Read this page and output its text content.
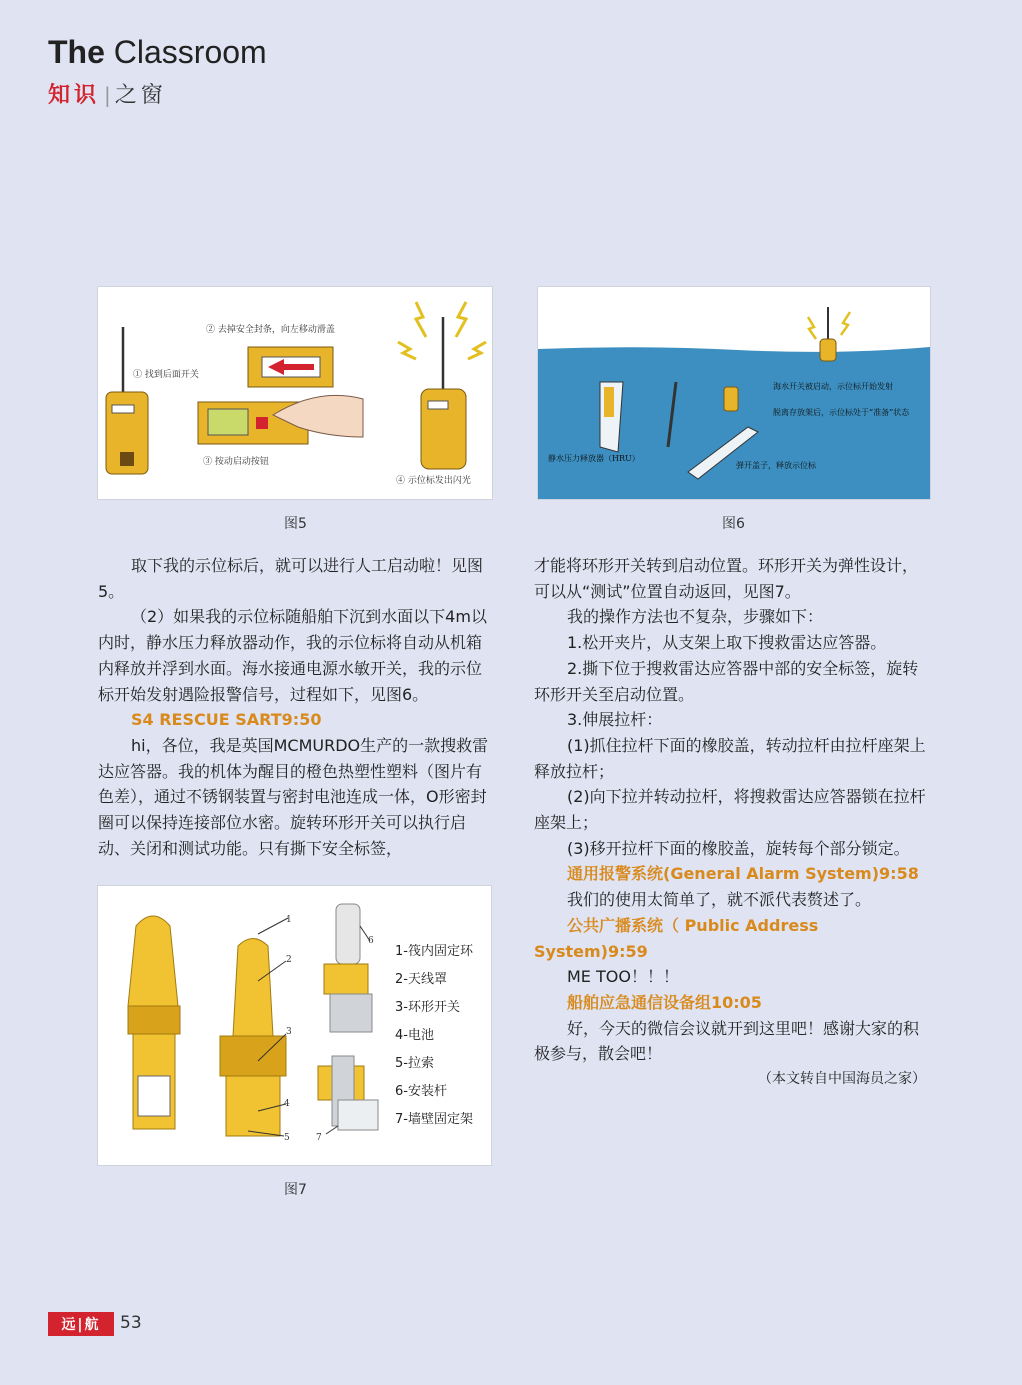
The Classroom
知识 | 之窗
① 找到后面开关
② 去掉安全封条，向左移动滑盖
③ 按动启动按钮
④ 示位标发出闪光
图5
海水开关被启动，示位标开始发射
脱离存放架后，示位标处于“准备”状态
静水压力释放器（HRU）
弹开盖子，释放示位标
图6

取下我的示位标后，就可以进行人工启动啦！见图5。

（2）如果我的示位标随船舶下沉到水面以下4m以内时，静水压力释放器动作，我的示位标将自动从机箱内释放并浮到水面。海水接通电源水敏开关，我的示位标开始发射遇险报警信号，过程如下，见图6。

S4 RESCUE SART9:50

hi，各位，我是英国MCMURDO生产的一款搜救雷达应答器。我的机体为醒目的橙色热塑性塑料（图片有色差），通过不锈钢装置与密封电池连成一体，O形密封圈可以保持连接部位水密。旋转环形开关可以执行启动、关闭和测试功能。只有撕下安全标签，

1
2
3
4
5
6
7
1-筏内固定环
2-天线罩
3-环形开关
4-电池
5-拉索
6-安装杆
7-墙壁固定架
图7

才能将环形开关转到启动位置。环形开关为弹性设计，可以从“测试”位置自动返回，见图7。

我的操作方法也不复杂，步骤如下：

1.松开夹片，从支架上取下搜救雷达应答器。

2.撕下位于搜救雷达应答器中部的安全标签，旋转环形开关至启动位置。

3.伸展拉杆：

(1)抓住拉杆下面的橡胶盖，转动拉杆由拉杆座架上释放拉杆；

(2)向下拉并转动拉杆，将搜救雷达应答器锁在拉杆座架上；

(3)移开拉杆下面的橡胶盖，旋转每个部分锁定。

通用报警系统(General Alarm System)9:58

我们的使用太简单了，就不派代表赘述了。

公共广播系统（ Public Address System)9:59

ME TOO！！！

船舶应急通信设备组10:05

好，今天的微信会议就开到这里吧！感谢大家的积极参与，散会吧！

（本文转自中国海员之家）

远|航	53
